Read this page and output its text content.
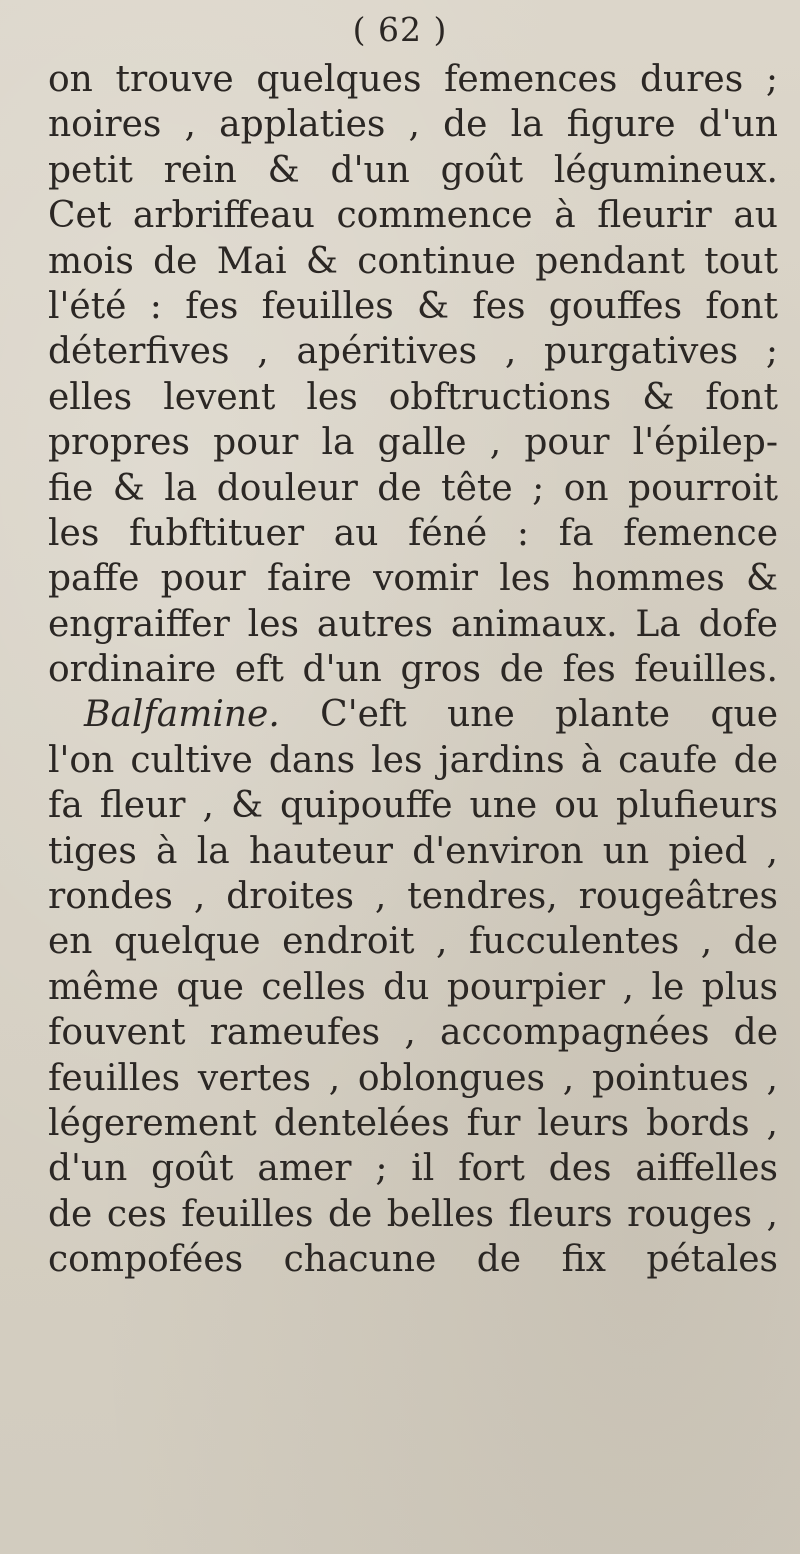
( 62 )
on trouve quelques femences dures ;
noires , applaties , de la figure d'un
petit rein & d'un goût légumineux.
Cet arbriffeau commence à fleurir au
mois de Mai & continue pendant tout
l'été : fes feuilles & fes gouffes font
déterfives , apéritives , purgatives ;
elles levent les obftructions & font
propres pour la galle , pour l'épilep-
fie & la douleur de tête ; on pourroit
les fubftituer au féné : fa femence
paffe pour faire vomir les hommes &
engraiffer les autres animaux. La dofe
ordinaire eft d'un gros de fes feuilles.
Balfamine. C'eft une plante que
l'on cultive dans les jardins à caufe de
fa fleur , & quipouffe une ou plufieurs
tiges à la hauteur d'environ un pied ,
rondes , droites , tendres, rougeâtres
en quelque endroit , fucculentes , de
même que celles du pourpier , le plus
fouvent rameufes , accompagnées de
feuilles vertes , oblongues , pointues ,
légerement dentelées fur leurs bords ,
d'un goût amer ; il fort des aiffelles
de ces feuilles de belles fleurs rouges ,
compofées chacune de fix pétales
